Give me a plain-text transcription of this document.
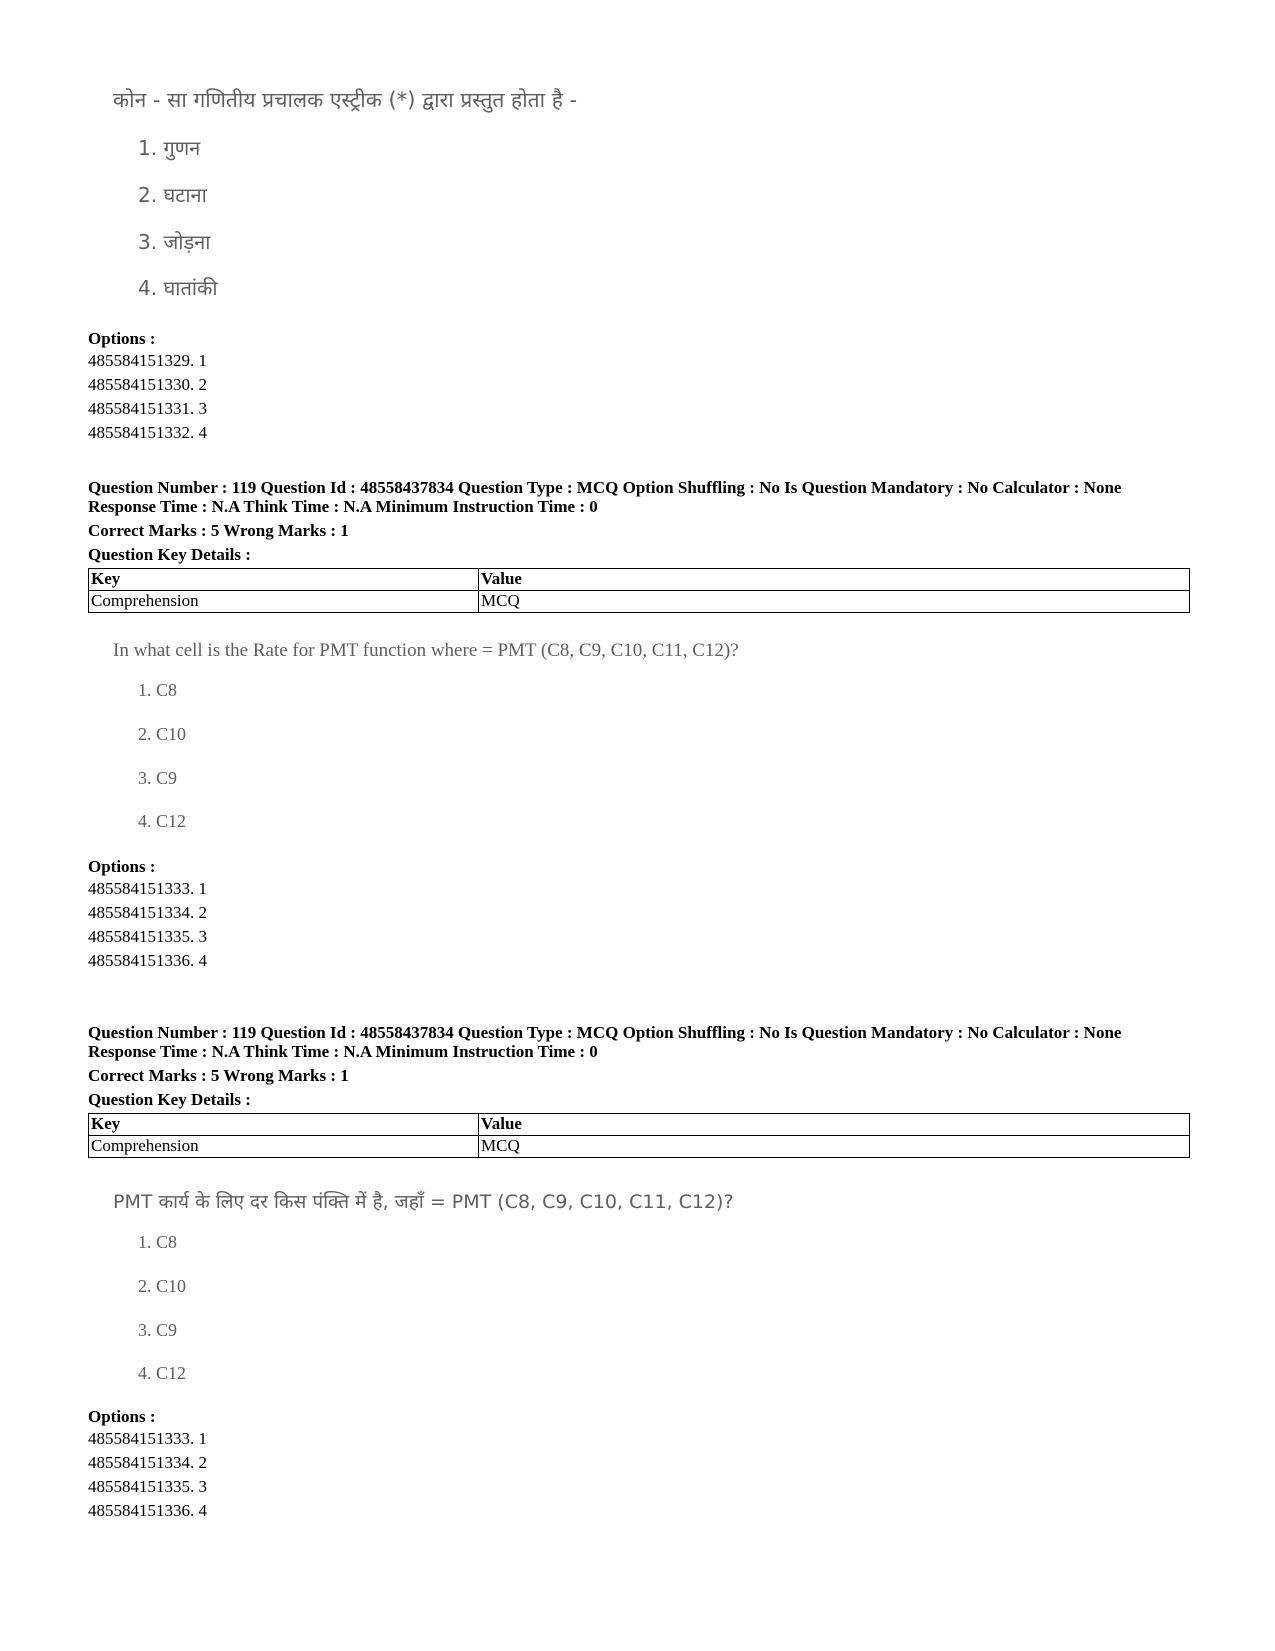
कोन - सा गणितीय प्रचालक एस्ट्रीक (*) द्वारा प्रस्तुत होता है -

1. गुणन
2. घटाना
3. जोड़ना
4. घातांकी
Options :
485584151329. 1
485584151330. 2
485584151331. 3
485584151332. 4
Question Number : 119 Question Id : 48558437834 Question Type : MCQ Option Shuffling : No Is Question Mandatory : No Calculator : None
Response Time : N.A Think Time : N.A Minimum Instruction Time : 0
Correct Marks : 5 Wrong Marks : 1
Question Key Details :
Key	Value
Comprehension	MCQ

In what cell is the Rate for PMT function where = PMT (C8, C9, C10, C11, C12)?

1. C8
2. C10
3. C9
4. C12
Options :
485584151333. 1
485584151334. 2
485584151335. 3
485584151336. 4
Question Number : 119 Question Id : 48558437834 Question Type : MCQ Option Shuffling : No Is Question Mandatory : No Calculator : None
Response Time : N.A Think Time : N.A Minimum Instruction Time : 0
Correct Marks : 5 Wrong Marks : 1
Question Key Details :
Key	Value
Comprehension	MCQ

PMT कार्य के लिए दर किस पंक्ति में है, जहाँ = PMT (C8, C9, C10, C11, C12)?

1. C8
2. C10
3. C9
4. C12
Options :
485584151333. 1
485584151334. 2
485584151335. 3
485584151336. 4
